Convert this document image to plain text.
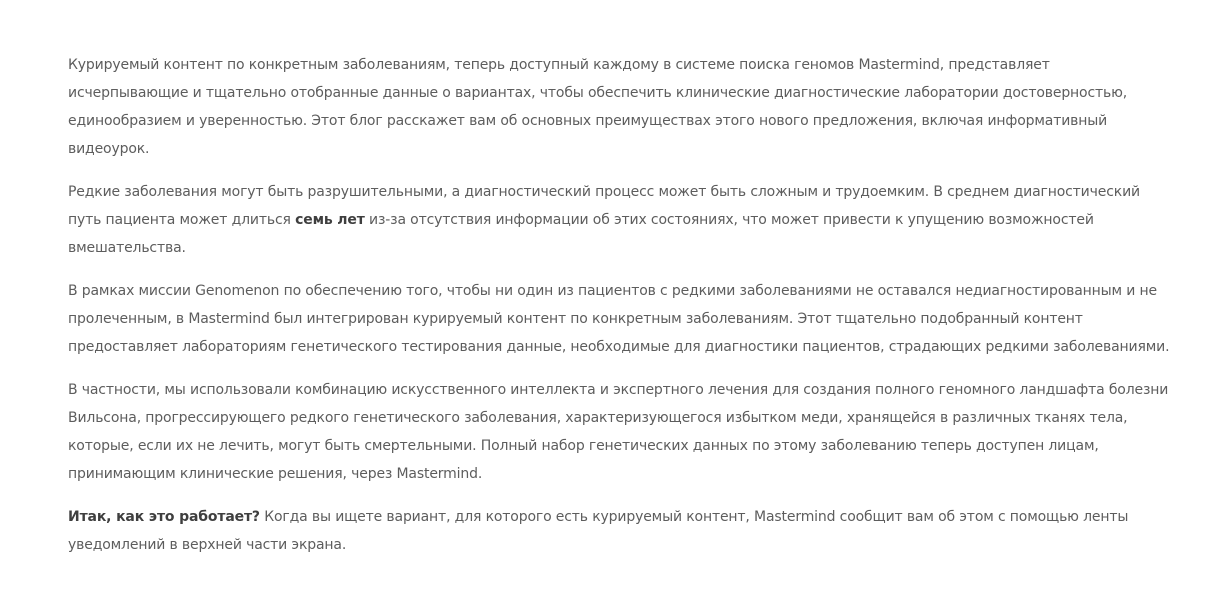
Курируемый контент по конкретным заболеваниям, теперь доступный каждому в системе поиска геномов Mastermind, представляет исчерпывающие и тщательно отобранные данные о вариантах, чтобы обеспечить клинические диагностические лаборатории достоверностью, единообразием и уверенностью. Этот блог расскажет вам об основных преимуществах этого нового предложения, включая информативный видеоурок.

Редкие заболевания могут быть разрушительными, а диагностический процесс может быть сложным и трудоемким. В среднем диагностический путь пациента может длиться семь лет из-за отсутствия информации об этих состояниях, что может привести к упущению возможностей вмешательства.

В рамках миссии Genomenon по обеспечению того, чтобы ни один из пациентов с редкими заболеваниями не оставался недиагностированным и не пролеченным, в Mastermind был интегрирован курируемый контент по конкретным заболеваниям. Этот тщательно подобранный контент предоставляет лабораториям генетического тестирования данные, необходимые для диагностики пациентов, страдающих редкими заболеваниями.

В частности, мы использовали комбинацию искусственного интеллекта и экспертного лечения для создания полного геномного ландшафта болезни Вильсона, прогрессирующего редкого генетического заболевания, характеризующегося избытком меди, хранящейся в различных тканях тела, которые, если их не лечить, могут быть смертельными. Полный набор генетических данных по этому заболеванию теперь доступен лицам, принимающим клинические решения, через Mastermind.

Итак, как это работает? Когда вы ищете вариант, для которого есть курируемый контент, Mastermind сообщит вам об этом с помощью ленты уведомлений в верхней части экрана.
